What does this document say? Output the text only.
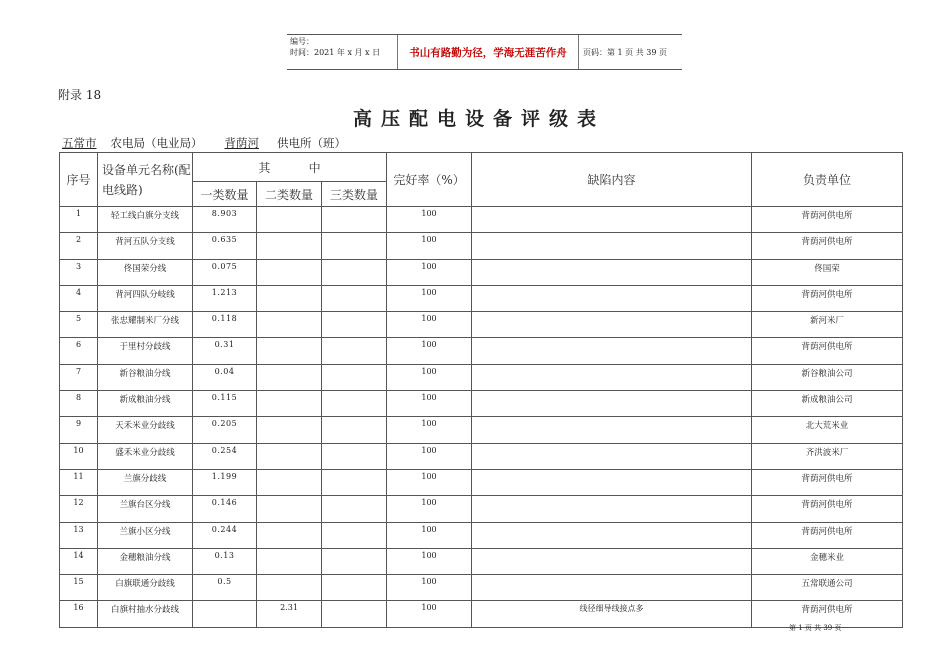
编号：
时间：2021 年 x 月 x 日	书山有路勤为径，学海无涯苦作舟	页码：第 1 页 共 39 页
附录 18
高压配电设备评级表
五常市	农电局（电业局）	背荫河	供电所（班）
序号	设备单元名称(配电线路)	其          中			完好率（%）	缺陷内容	负责单位
		一类数量	二类数量	三类数量			
1	轻工线白旗分支线	8.903			100		背荫河供电所
2	背河五队分支线	0.635			100		背荫河供电所
3	佟国荣分线	0.075			100		佟国荣
4	背河四队分岐线	1.213			100		背荫河供电所
5	张忠耀制米厂分线	0.118			100		新河米厂
6	于里村分歧线	0.31			100		背荫河供电所
7	新谷粮油分线	0.04			100		新谷粮油公司
8	新成粮油分线	0.115			100		新成粮油公司
9	天禾米业分歧线	0.205			100		北大荒米业
10	盛禾米业分歧线	0.254			100		齐洪波米厂
11	兰旗分歧线	1.199			100		背荫河供电所
12	兰旗台区分线	0.146			100		背荫河供电所
13	兰旗小区分线	0.244			100		背荫河供电所
14	金穗粮油分线	0.13			100		金穗米业
15	白旗联通分歧线	0.5			100		五常联通公司
16	白旗村抽水分歧线		2.31		100	线径细导线接点多	背荫河供电所
第 1 页 共 39 页
